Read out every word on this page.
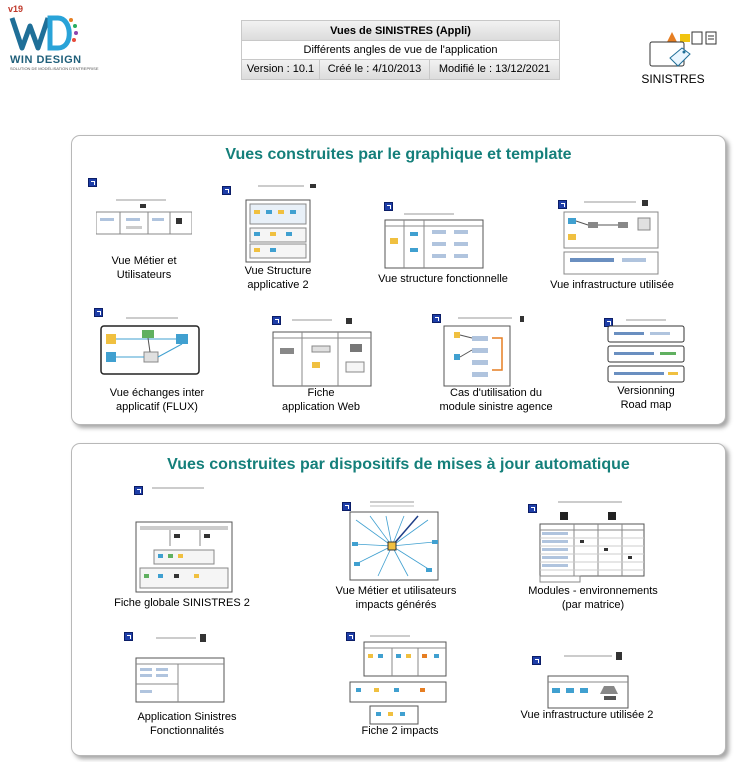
v19
WIN DESIGN
SOLUTION DE MODÉLISATION D'ENTREPRISE
Vues de SINISTRES (Appli)
Différents angles de vue de l'application
Version : 10.1	Créé le : 4/10/2013	Modifié le : 13/12/2021
SINISTRES
Vues construites par le graphique et template
Vue Métier et
Utilisateurs	Vue Structure
applicative 2	Vue structure fonctionnelle	Vue infrastructure utilisée
Vue échanges inter
applicatif (FLUX)
Fiche
application Web
Cas d'utilisation du
module sinistre agence
Versionning
Road map
Vues construites par dispositifs de mises à jour automatique
Fiche globale SINISTRES 2
Vue Métier et utilisateurs
impacts générés
Modules - environnements
(par matrice)
Application Sinistres
Fonctionnalités	Fiche 2 impacts
Vue infrastructure utilisée 2
